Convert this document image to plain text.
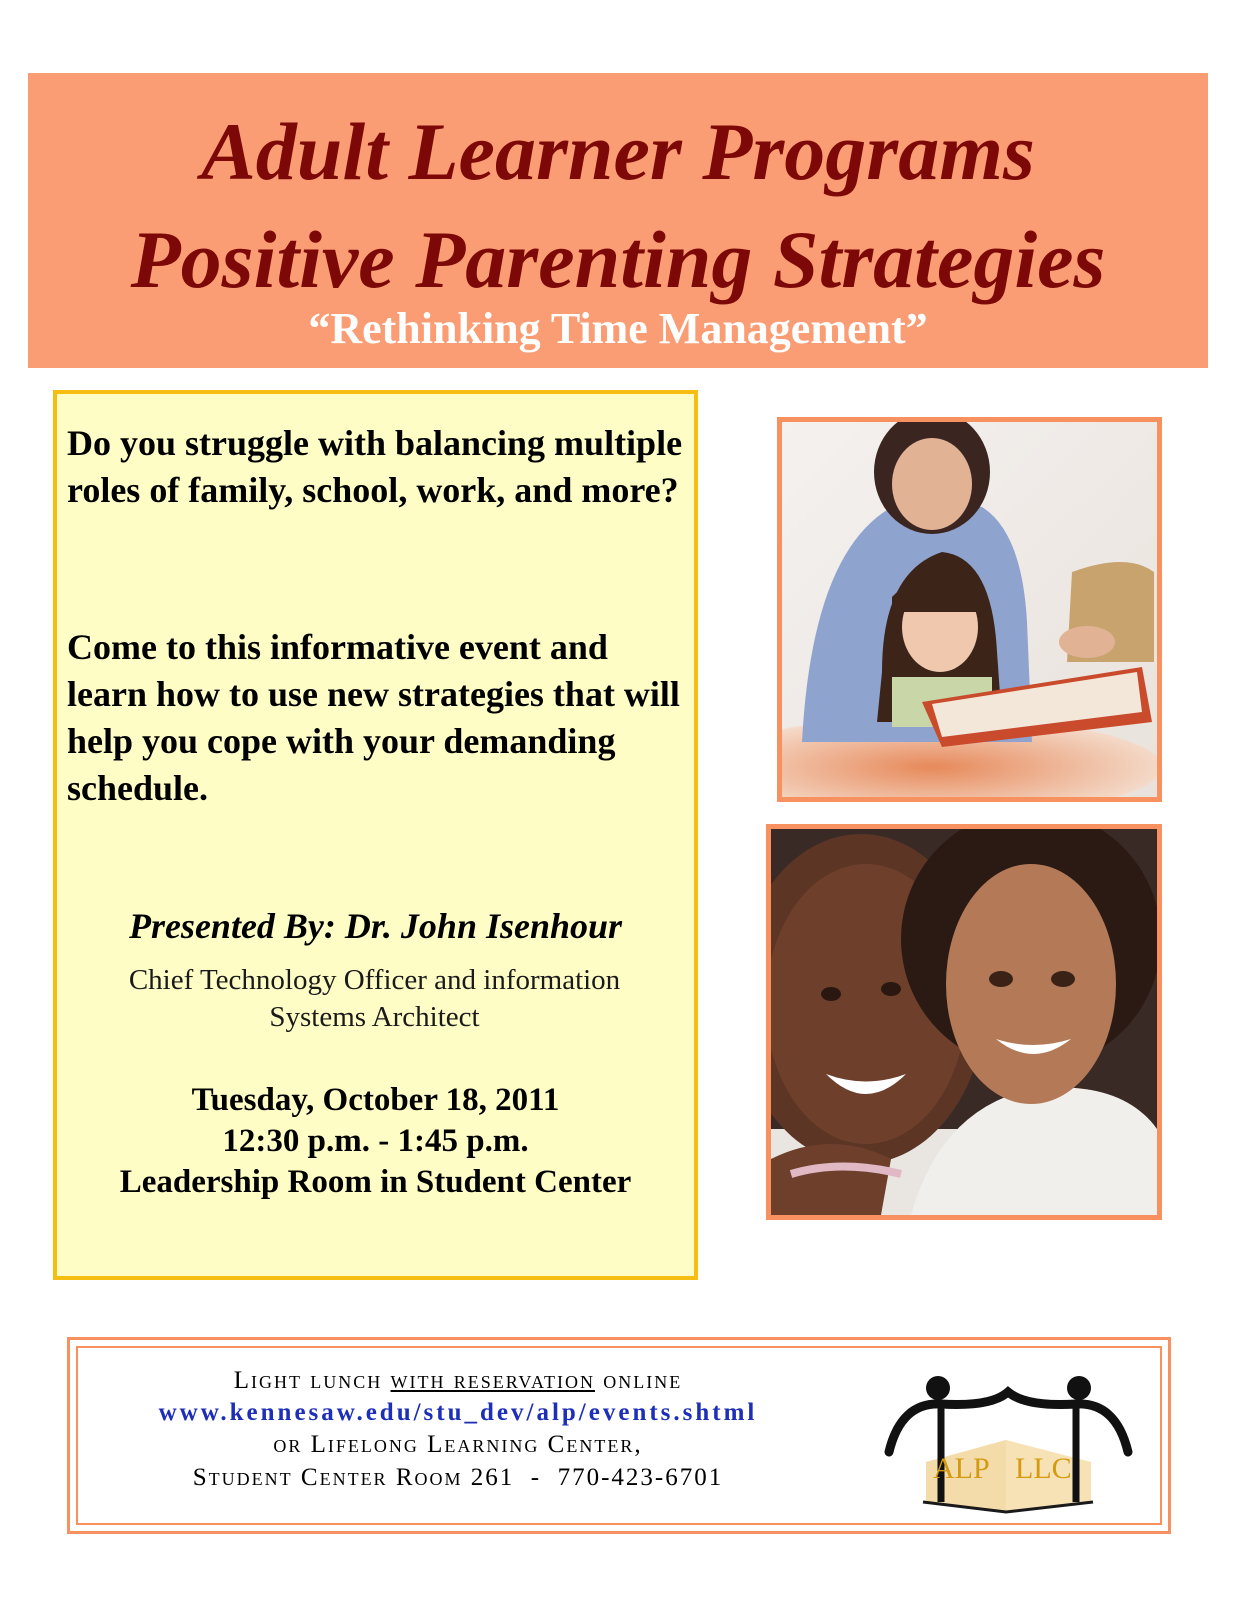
Adult Learner Programs
Positive Parenting Strategies
“Rethinking Time Management”
Do you struggle with balancing multiple roles of family, school, work, and more?
Come to this informative event and learn how to use new strategies that will help you cope with your demanding schedule.
Presented By: Dr. John Isenhour
Chief Technology Officer and information
Systems Architect
Tuesday, October 18, 2011
12:30 p.m. - 1:45 p.m.
Leadership Room in Student Center
Light lunch with reservation online
www.kennesaw.edu/stu_dev/alp/events.shtml
or Lifelong Learning Center,
Student Center Room 261  -  770-423-6701	ALP LLC
